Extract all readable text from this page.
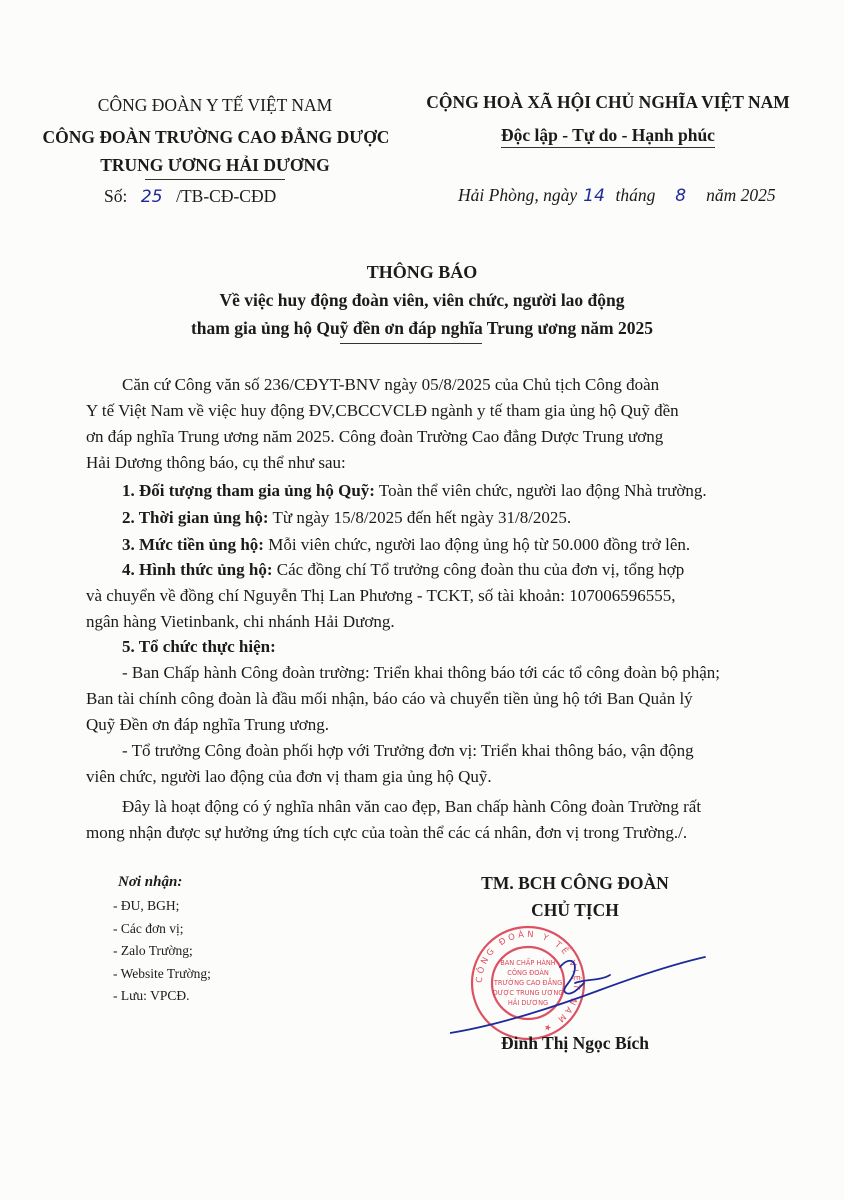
CÔNG ĐOÀN Y TẾ VIỆT NAM
CÔNG ĐOÀN TRƯỜNG CAO ĐẲNG DƯỢC
TRUNG ƯƠNG HẢI DƯƠNG
Số: 25 /TB-CĐ-CĐD
CỘNG HOÀ XÃ HỘI CHỦ NGHĨA VIỆT NAM
Độc lập - Tự do - Hạnh phúc
Hải Phòng, ngày 14 tháng 8 năm 2025
THÔNG BÁO
Về việc huy động đoàn viên, viên chức, người lao động
tham gia ủng hộ Quỹ đền ơn đáp nghĩa Trung ương năm 2025
Căn cứ Công văn số 236/CĐYT-BNV ngày 05/8/2025 của Chủ tịch Công đoàn
Y tế Việt Nam về việc huy động ĐV,CBCCVCLĐ ngành y tế tham gia ủng hộ Quỹ đền
ơn đáp nghĩa Trung ương năm 2025. Công đoàn Trường Cao đẳng Dược Trung ương
Hải Dương thông báo, cụ thể như sau:
1. Đối tượng tham gia ủng hộ Quỹ: Toàn thể viên chức, người lao động Nhà trường.
2. Thời gian ủng hộ: Từ ngày 15/8/2025 đến hết ngày 31/8/2025.
3. Mức tiền ủng hộ: Mỗi viên chức, người lao động ủng hộ từ 50.000 đồng trở lên.
4. Hình thức ủng hộ: Các đồng chí Tổ trưởng công đoàn thu của đơn vị, tổng hợp
và chuyển về đồng chí Nguyễn Thị Lan Phương - TCKT, số tài khoản: 107006596555,
ngân hàng Vietinbank, chi nhánh Hải Dương.
5. Tổ chức thực hiện:
- Ban Chấp hành Công đoàn trường: Triển khai thông báo tới các tổ công đoàn bộ phận;
Ban tài chính công đoàn là đầu mối nhận, báo cáo và chuyển tiền ủng hộ tới Ban Quản lý
Quỹ Đền ơn đáp nghĩa Trung ương.
- Tổ trưởng Công đoàn phối hợp với Trưởng đơn vị: Triển khai thông báo, vận động
viên chức, người lao động của đơn vị tham gia ủng hộ Quỹ.
Đây là hoạt động có ý nghĩa nhân văn cao đẹp, Ban chấp hành Công đoàn Trường rất
mong nhận được sự hưởng ứng tích cực của toàn thể các cá nhân, đơn vị trong Trường./.
Nơi nhận:
- ĐU, BGH;
- Các đơn vị;
- Zalo Trường;
- Website Trường;
- Lưu: VPCĐ.
TM. BCH CÔNG ĐOÀN
CHỦ TỊCH
CÔNG ĐOÀN Y TẾ VIỆT NAM ★
BAN CHẤP HÀNH
CÔNG ĐOÀN
TRƯỜNG CAO ĐẲNG
DƯỢC TRUNG ƯƠNG
HẢI DƯƠNG
Đinh Thị Ngọc Bích
